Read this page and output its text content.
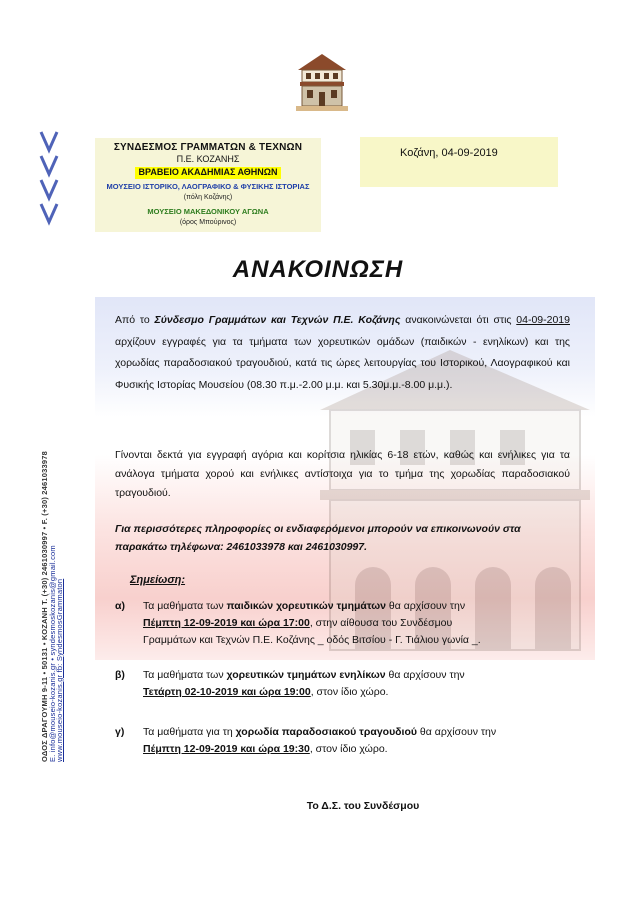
ΟΔΟΣ ΔΡΑΓΟΥΜΗ 9-11 • 50131 • ΚΟΖΑΝΗ Τ. (+30) 2461030997 • F. (+30) 2461033978 E. info@mouseio-kozanis.gr • syndesmoskozanis@gmail.com
www.mouseio-kozanis.gr fb: SyndesmosGrammaton
ΣΥΝΔΕΣΜΟΣ ΓΡΑΜΜΑΤΩΝ & ΤΕΧΝΩΝ
Π.Ε. ΚΟΖΑΝΗΣ
ΒΡΑΒΕΙΟ ΑΚΑΔΗΜΙΑΣ ΑΘΗΝΩΝ
ΜΟΥΣΕΙΟ ΙΣΤΟΡΙΚΟ, ΛΑΟΓΡΑΦΙΚΟ & ΦΥΣΙΚΗΣ ΙΣΤΟΡΙΑΣ
(πόλη Κοζάνης)
ΜΟΥΣΕΙΟ ΜΑΚΕΔΟΝΙΚΟΥ ΑΓΩΝΑ
(όρος Μπούρινος)
Κοζάνη, 04-09-2019
ΑΝΑΚΟΙΝΩΣΗ
Από το Σύνδεσμο Γραμμάτων και Τεχνών Π.Ε. Κοζάνης ανακοινώνεται ότι στις 04-09-2019 αρχίζουν εγγραφές για τα τμήματα των χορευτικών ομάδων (παιδικών - ενηλίκων) και της χορωδίας παραδοσιακού τραγουδιού, κατά τις ώρες λειτουργίας του Ιστορικού, Λαογραφικού και Φυσικής Ιστορίας Μουσείου (08.30 π.μ.-2.00 μ.μ. και 5.30μ.μ.-8.00 μ.μ.).
Γίνονται δεκτά για εγγραφή αγόρια και κορίτσια ηλικίας 6-18 ετών, καθώς και ενήλικες για τα ανάλογα τμήματα χορού και ενήλικες αντίστοιχα για το τμήμα της χορωδίας παραδοσιακού τραγουδιού.
Για περισσότερες πληροφορίες οι ενδιαφερόμενοι μπορούν να επικοινωνούν στα παρακάτω τηλέφωνα: 2461033978 και 2461030997.
Σημείωση:
α) Τα μαθήματα των παιδικών χορευτικών τμημάτων θα αρχίσουν την
Πέμπτη 12-09-2019 και ώρα 17:00, στην αίθουσα του Συνδέσμου
Γραμμάτων και Τεχνών Π.Ε. Κοζάνης _ οδός Βιτσίου - Γ. Τιάλιου γωνία _.
β) Τα μαθήματα των χορευτικών τμημάτων ενηλίκων θα αρχίσουν την
Τετάρτη 02-10-2019 και ώρα 19:00, στον ίδιο χώρο.
γ) Τα μαθήματα για τη χορωδία παραδοσιακού τραγουδιού θα αρχίσουν την
Πέμπτη 12-09-2019 και ώρα 19:30, στον ίδιο χώρο.
Το Δ.Σ. του Συνδέσμου
